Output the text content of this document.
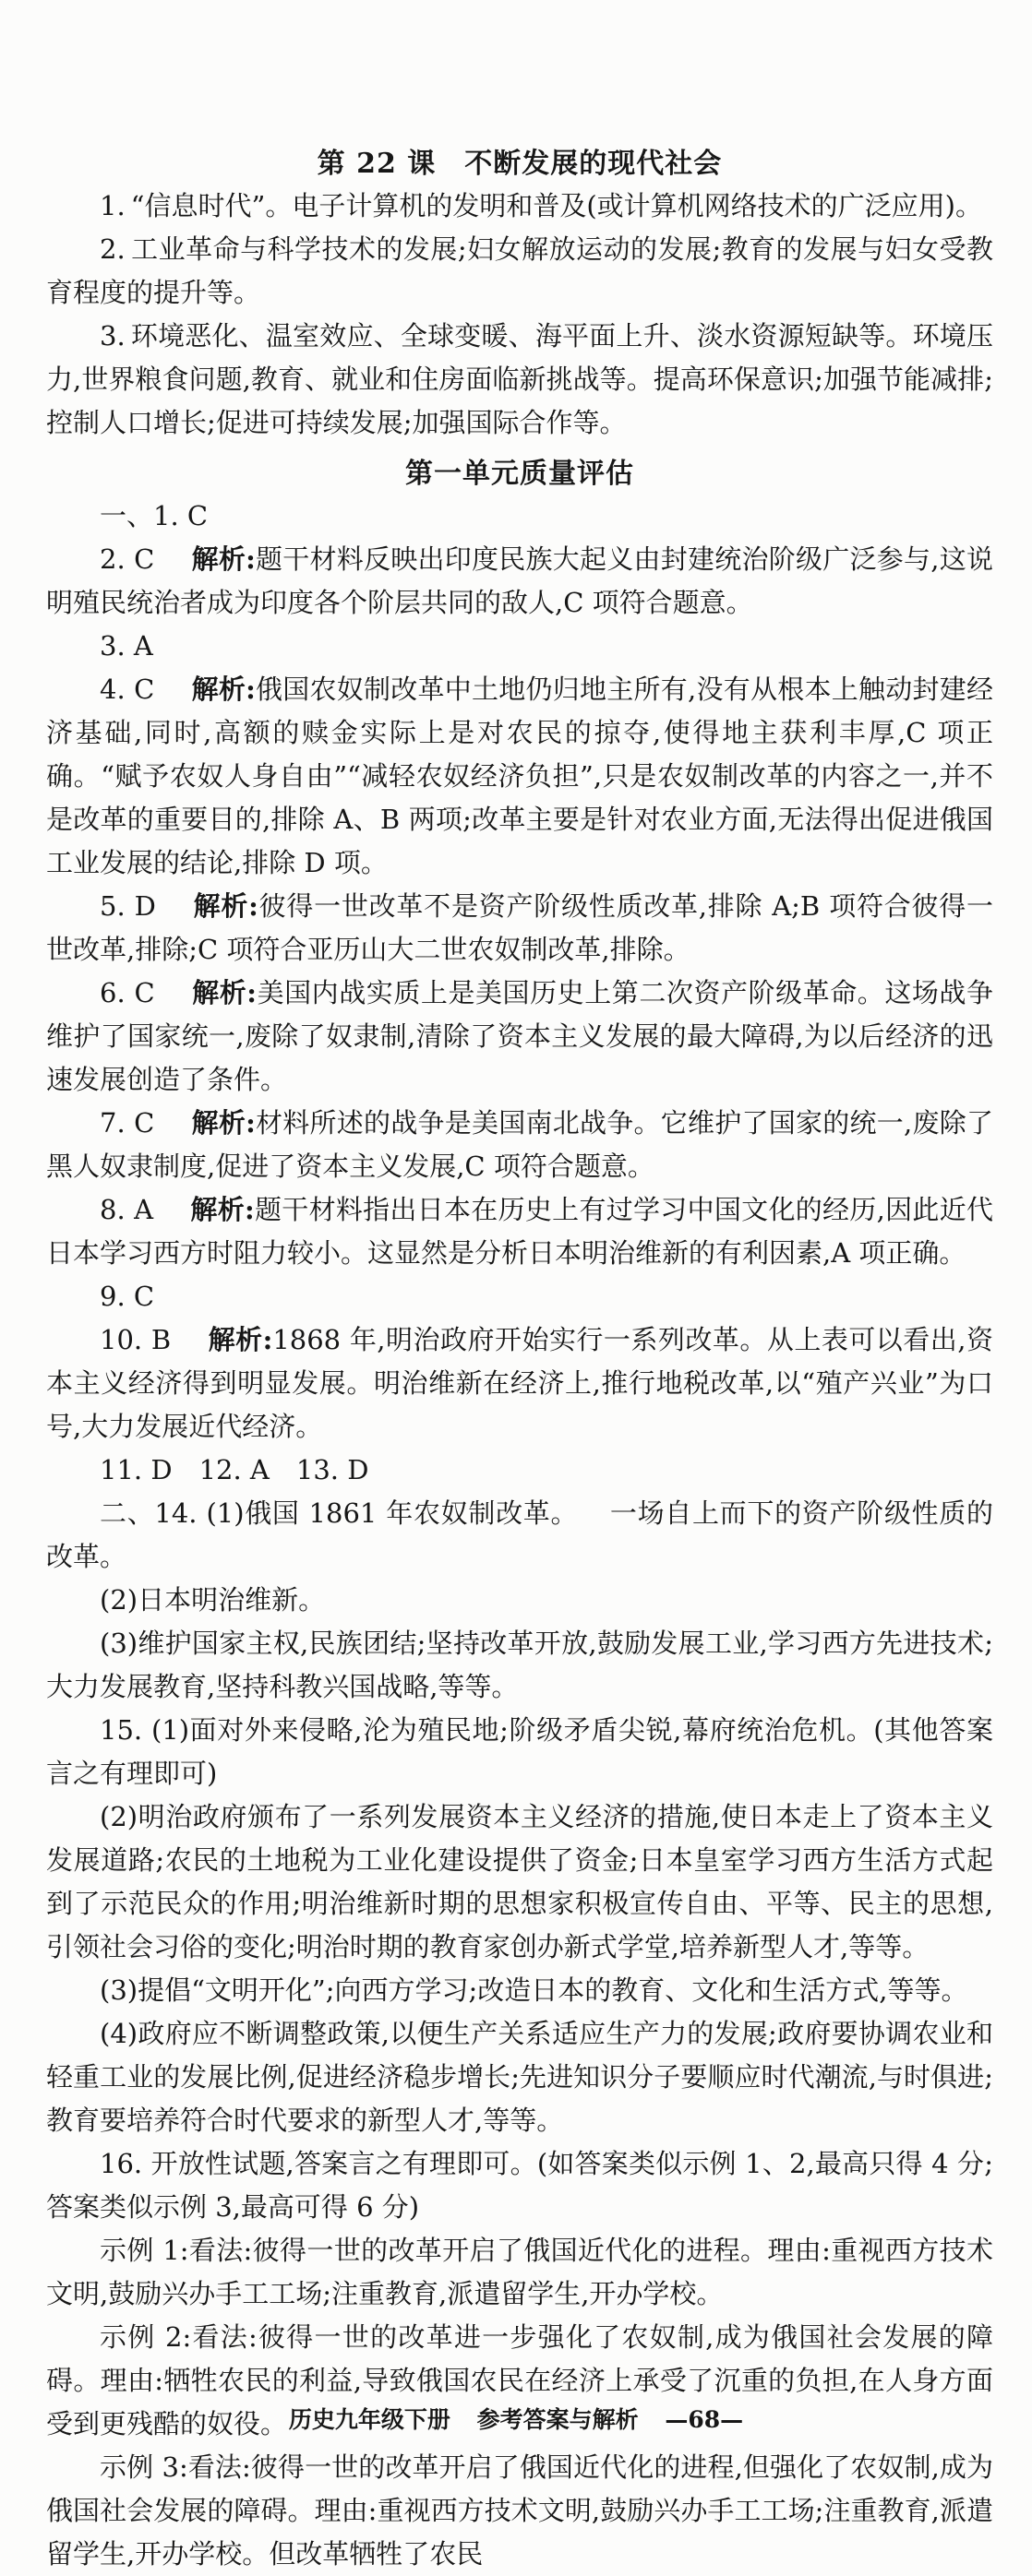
第 22 课　不断发展的现代社会

1. “信息时代”。电子计算机的发明和普及(或计算机网络技术的广泛应用)。

2. 工业革命与科学技术的发展;妇女解放运动的发展;教育的发展与妇女受教育程度的提升等。

3. 环境恶化、温室效应、全球变暖、海平面上升、淡水资源短缺等。环境压力,世界粮食问题,教育、就业和住房面临新挑战等。提高环保意识;加强节能减排;控制人口增长;促进可持续发展;加强国际合作等。

第一单元质量评估

一、1. C

2. C 解析:题干材料反映出印度民族大起义由封建统治阶级广泛参与,这说明殖民统治者成为印度各个阶层共同的敌人,C 项符合题意。

3. A

4. C 解析:俄国农奴制改革中土地仍归地主所有,没有从根本上触动封建经济基础,同时,高额的赎金实际上是对农民的掠夺,使得地主获利丰厚,C 项正确。“赋予农奴人身自由”“减轻农奴经济负担”,只是农奴制改革的内容之一,并不是改革的重要目的,排除 A、B 两项;改革主要是针对农业方面,无法得出促进俄国工业发展的结论,排除 D 项。

5. D 解析:彼得一世改革不是资产阶级性质改革,排除 A;B 项符合彼得一世改革,排除;C 项符合亚历山大二世农奴制改革,排除。

6. C 解析:美国内战实质上是美国历史上第二次资产阶级革命。这场战争维护了国家统一,废除了奴隶制,清除了资本主义发展的最大障碍,为以后经济的迅速发展创造了条件。

7. C 解析:材料所述的战争是美国南北战争。它维护了国家的统一,废除了黑人奴隶制度,促进了资本主义发展,C 项符合题意。

8. A 解析:题干材料指出日本在历史上有过学习中国文化的经历,因此近代日本学习西方时阻力较小。这显然是分析日本明治维新的有利因素,A 项正确。

9. C

10. B 解析:1868 年,明治政府开始实行一系列改革。从上表可以看出,资本主义经济得到明显发展。明治维新在经济上,推行地税改革,以“殖产兴业”为口号,大力发展近代经济。

11. D　12. A　13. D

二、14. (1)俄国 1861 年农奴制改革。 一场自上而下的资产阶级性质的改革。

(2)日本明治维新。

(3)维护国家主权,民族团结;坚持改革开放,鼓励发展工业,学习西方先进技术;大力发展教育,坚持科教兴国战略,等等。

15. (1)面对外来侵略,沦为殖民地;阶级矛盾尖锐,幕府统治危机。(其他答案言之有理即可)

(2)明治政府颁布了一系列发展资本主义经济的措施,使日本走上了资本主义发展道路;农民的土地税为工业化建设提供了资金;日本皇室学习西方生活方式起到了示范民众的作用;明治维新时期的思想家积极宣传自由、平等、民主的思想,引领社会习俗的变化;明治时期的教育家创办新式学堂,培养新型人才,等等。

(3)提倡“文明开化”;向西方学习;改造日本的教育、文化和生活方式,等等。

(4)政府应不断调整政策,以便生产关系适应生产力的发展;政府要协调农业和轻重工业的发展比例,促进经济稳步增长;先进知识分子要顺应时代潮流,与时俱进;教育要培养符合时代要求的新型人才,等等。

16. 开放性试题,答案言之有理即可。(如答案类似示例 1、2,最高只得 4 分;答案类似示例 3,最高可得 6 分)

示例 1:看法:彼得一世的改革开启了俄国近代化的进程。理由:重视西方技术文明,鼓励兴办手工工场;注重教育,派遣留学生,开办学校。

示例 2:看法:彼得一世的改革进一步强化了农奴制,成为俄国社会发展的障碍。理由:牺牲农民的利益,导致俄国农民在经济上承受了沉重的负担,在人身方面受到更残酷的奴役。

示例 3:看法:彼得一世的改革开启了俄国近代化的进程,但强化了农奴制,成为俄国社会发展的障碍。理由:重视西方技术文明,鼓励兴办手工工场;注重教育,派遣留学生,开办学校。但改革牺牲了农民

历史九年级下册 参考答案与解析 —68—
